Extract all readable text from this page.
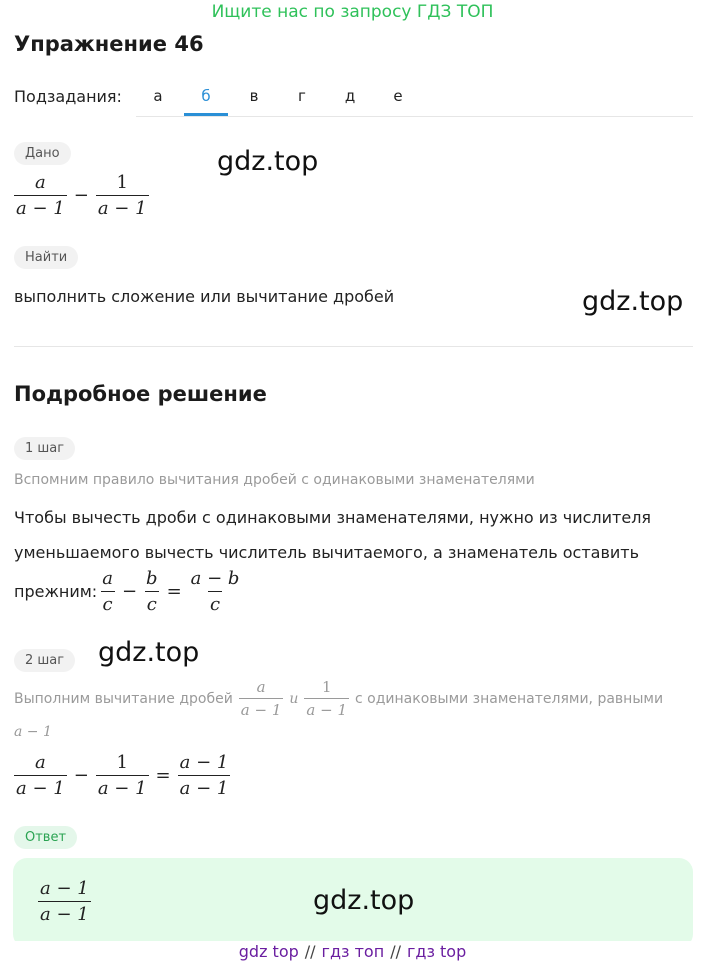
Ищите нас по запросу ГДЗ ТОП
Упражнение 46
Подзадания:	а	б	в	г	д	е
Дано	gdz.top
$\frac{a}{a - 1} - \frac{1}{a - 1}$
Найти
выполнить сложение или вычитание дробей	gdz.top
Подробное решение
1 шаг
Вспомним правило вычитания дробей с одинаковыми знаменателями
Чтобы вычесть дроби с одинаковыми знаменателями, нужно из числителя
уменьшаемого вычесть числитель вычитаемого, а знаменатель оставить
прежним: $\frac{a}{c} - \frac{b}{c} = \frac{a - b}{c}$
2 шаг	gdz.top
Выполним вычитание дробей $\frac{a}{a - 1}$ и $\frac{1}{a - 1}$ с одинаковыми знаменателями, равными
a − 1
$\frac{a}{a - 1} - \frac{1}{a - 1} = \frac{a - 1}{a - 1}$
Ответ
$\frac{a - 1}{a - 1}$	gdz.top
gdz top // гдз топ // гдз top
